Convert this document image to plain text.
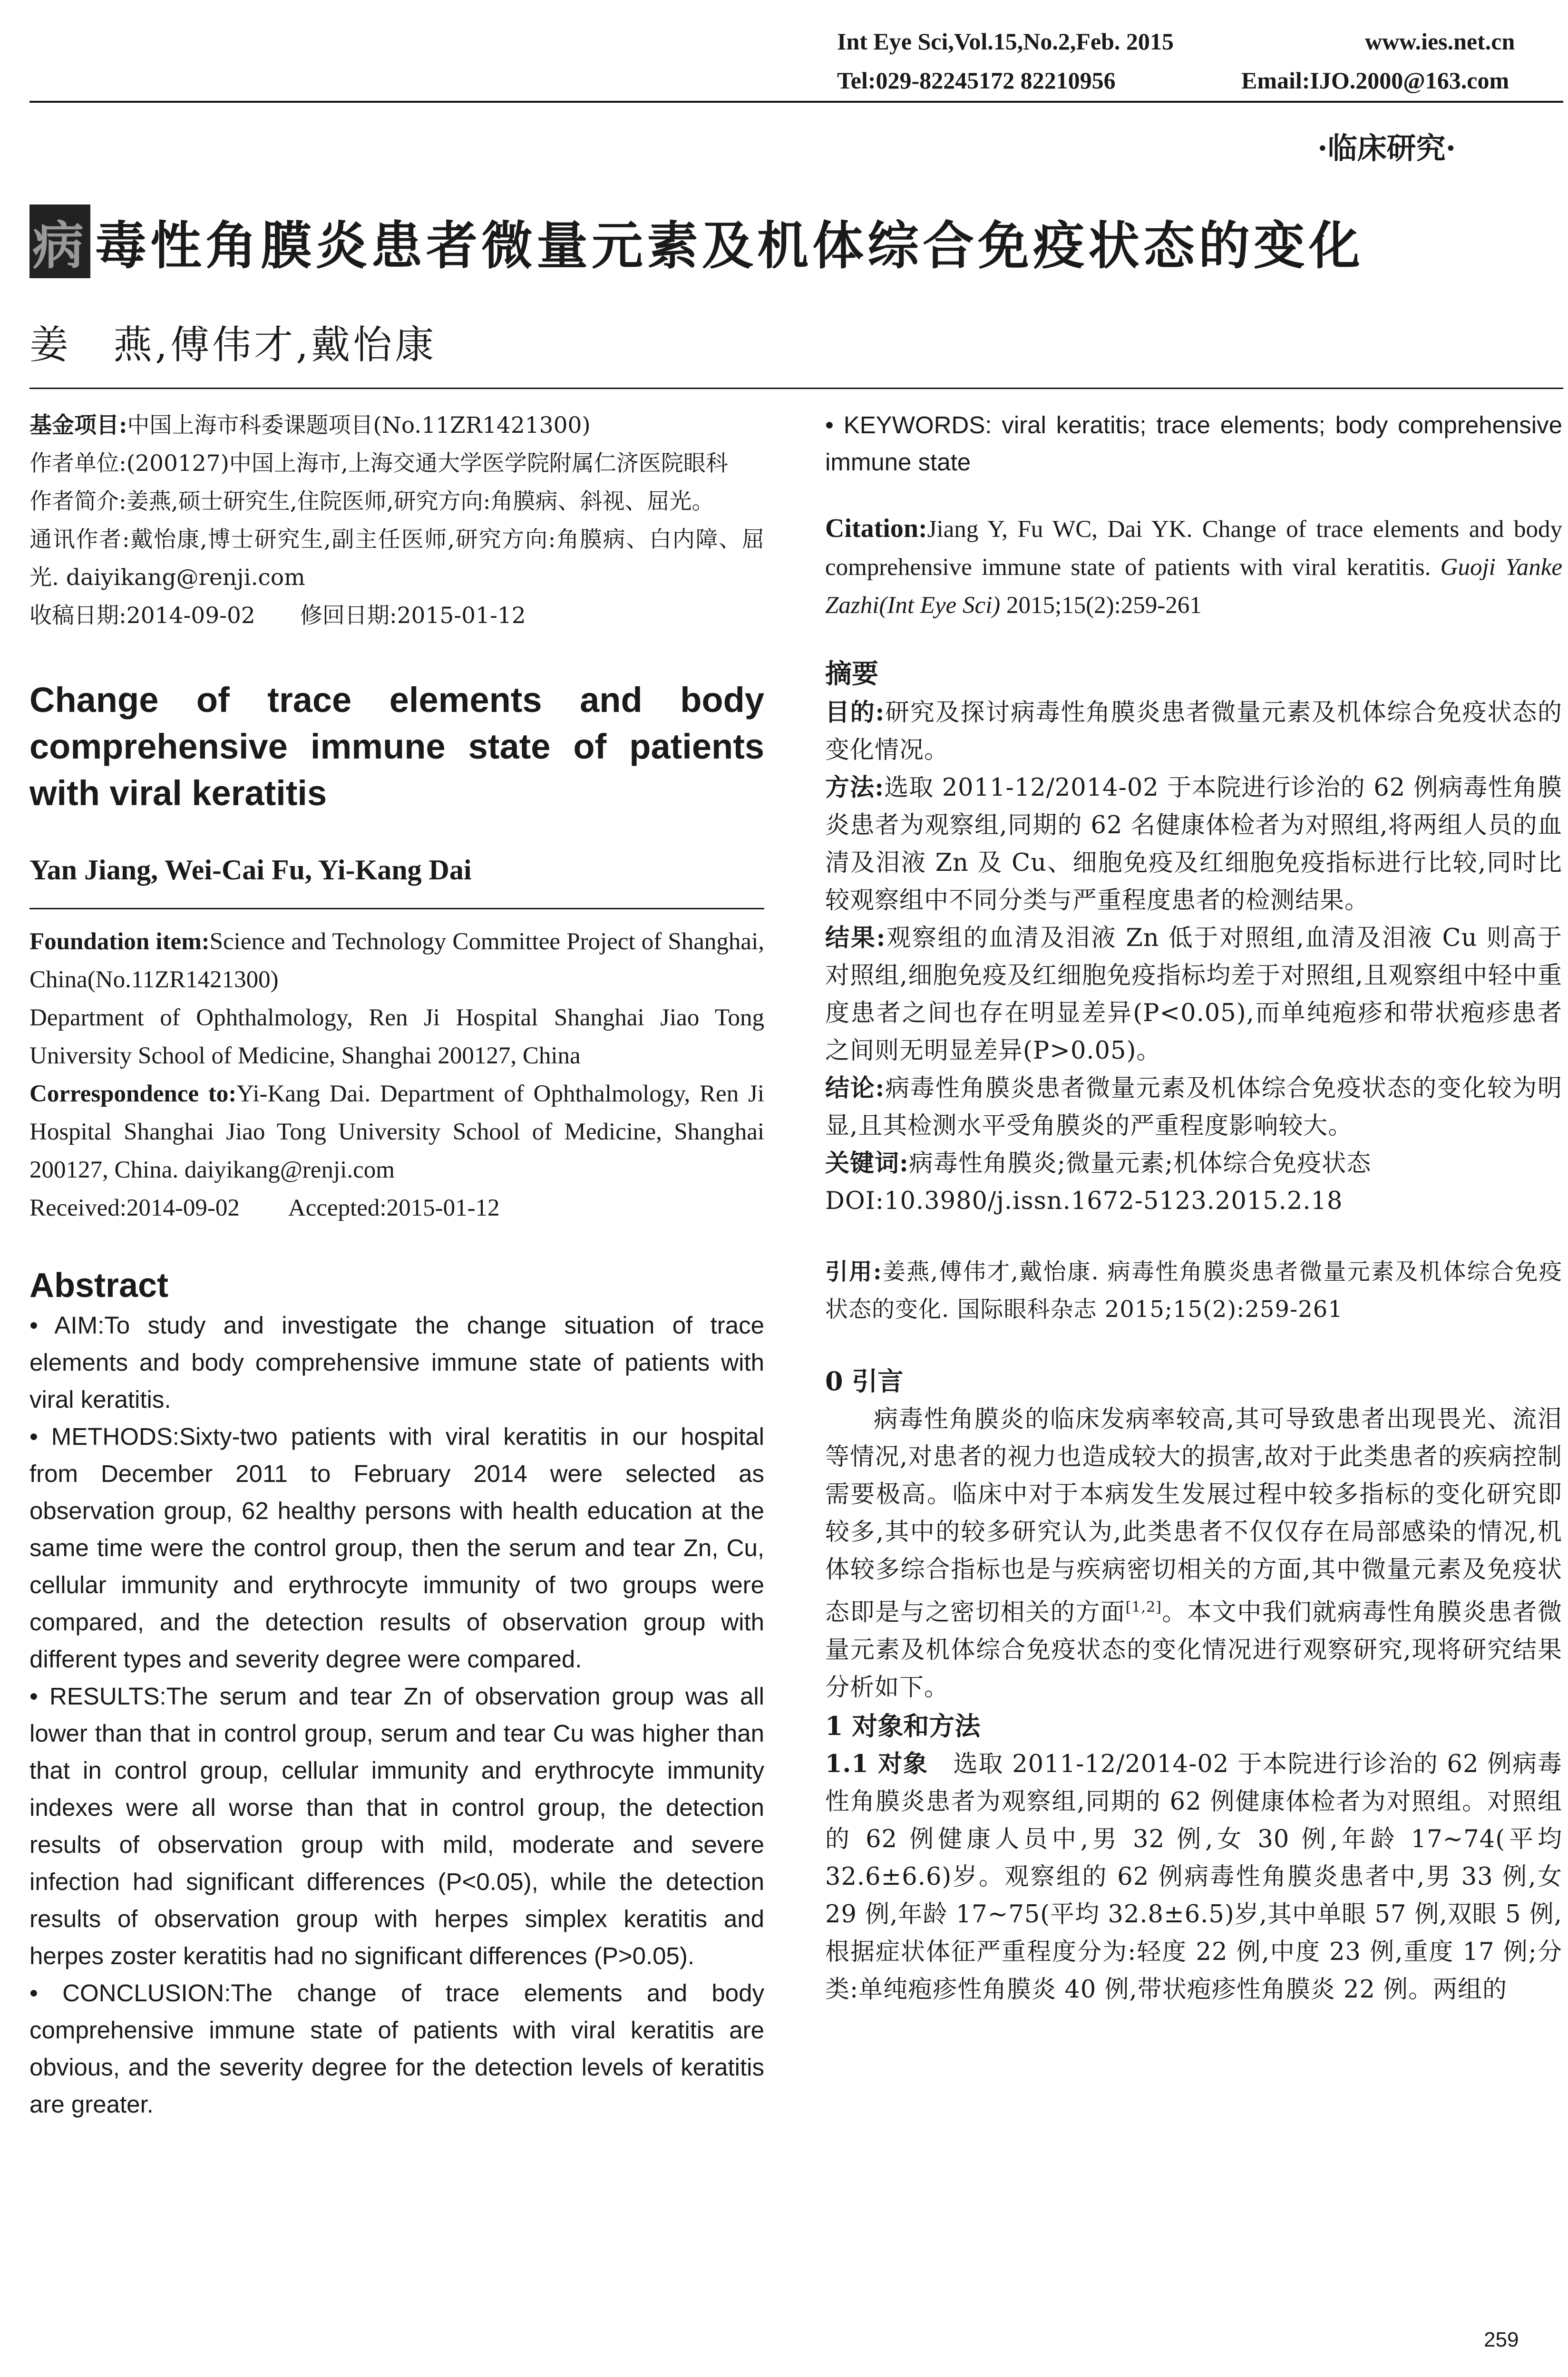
Int Eye Sci,Vol.15,No.2,Feb. 2015	www.ies.net.cn
Tel:029-82245172 82210956	Email:IJO.2000@163.com
·临床研究·
病 毒性角膜炎患者微量元素及机体综合免疫状态的变化
姜　燕,傅伟才,戴怡康
基金项目:中国上海市科委课题项目(No.11ZR1421300)
作者单位:(200127)中国上海市,上海交通大学医学院附属仁济医院眼科
作者简介:姜燕,硕士研究生,住院医师,研究方向:角膜病、斜视、屈光。
通讯作者:戴怡康,博士研究生,副主任医师,研究方向:角膜病、白内障、屈光. daiyikang@renji.com
收稿日期:2014-09-02　　修回日期:2015-01-12
Change of trace elements and body comprehensive immune state of patients with viral keratitis
Yan Jiang, Wei-Cai Fu, Yi-Kang Dai
Foundation item:Science and Technology Committee Project of Shanghai, China(No.11ZR1421300)
Department of Ophthalmology, Ren Ji Hospital Shanghai Jiao Tong University School of Medicine, Shanghai 200127, China
Correspondence to:Yi-Kang Dai. Department of Ophthalmology, Ren Ji Hospital Shanghai Jiao Tong University School of Medicine, Shanghai 200127, China. daiyikang@renji.com
Received:2014-09-02　　Accepted:2015-01-12
Abstract
• AIM:To study and investigate the change situation of trace elements and body comprehensive immune state of patients with viral keratitis.
• METHODS:Sixty-two patients with viral keratitis in our hospital from December 2011 to February 2014 were selected as observation group, 62 healthy persons with health education at the same time were the control group, then the serum and tear Zn, Cu, cellular immunity and erythrocyte immunity of two groups were compared, and the detection results of observation group with different types and severity degree were compared.
• RESULTS:The serum and tear Zn of observation group was all lower than that in control group, serum and tear Cu was higher than that in control group, cellular immunity and erythrocyte immunity indexes were all worse than that in control group, the detection results of observation group with mild, moderate and severe infection had significant differences (P<0.05), while the detection results of observation group with herpes simplex keratitis and herpes zoster keratitis had no significant differences (P>0.05).
• CONCLUSION:The change of trace elements and body comprehensive immune state of patients with viral keratitis are obvious, and the severity degree for the detection levels of keratitis are greater.
• KEYWORDS: viral keratitis; trace elements; body comprehensive immune state
Citation:Jiang Y, Fu WC, Dai YK. Change of trace elements and body comprehensive immune state of patients with viral keratitis. Guoji Yanke Zazhi(Int Eye Sci) 2015;15(2):259-261
摘要
目的:研究及探讨病毒性角膜炎患者微量元素及机体综合免疫状态的变化情况。
方法:选取 2011-12/2014-02 于本院进行诊治的 62 例病毒性角膜炎患者为观察组,同期的 62 名健康体检者为对照组,将两组人员的血清及泪液 Zn 及 Cu、细胞免疫及红细胞免疫指标进行比较,同时比较观察组中不同分类与严重程度患者的检测结果。
结果:观察组的血清及泪液 Zn 低于对照组,血清及泪液 Cu 则高于对照组,细胞免疫及红细胞免疫指标均差于对照组,且观察组中轻中重度患者之间也存在明显差异(P<0.05),而单纯疱疹和带状疱疹患者之间则无明显差异(P>0.05)。
结论:病毒性角膜炎患者微量元素及机体综合免疫状态的变化较为明显,且其检测水平受角膜炎的严重程度影响较大。
关键词:病毒性角膜炎;微量元素;机体综合免疫状态
DOI:10.3980/j.issn.1672-5123.2015.2.18
引用:姜燕,傅伟才,戴怡康. 病毒性角膜炎患者微量元素及机体综合免疫状态的变化. 国际眼科杂志 2015;15(2):259-261
0 引言
病毒性角膜炎的临床发病率较高,其可导致患者出现畏光、流泪等情况,对患者的视力也造成较大的损害,故对于此类患者的疾病控制需要极高。临床中对于本病发生发展过程中较多指标的变化研究即较多,其中的较多研究认为,此类患者不仅仅存在局部感染的情况,机体较多综合指标也是与疾病密切相关的方面,其中微量元素及免疫状态即是与之密切相关的方面[1,2]。本文中我们就病毒性角膜炎患者微量元素及机体综合免疫状态的变化情况进行观察研究,现将研究结果分析如下。
1 对象和方法
1.1 对象　 选取 2011-12/2014-02 于本院进行诊治的 62 例病毒性角膜炎患者为观察组,同期的 62 例健康体检者为对照组。对照组的 62 例健康人员中,男 32 例,女 30 例,年龄 17~74(平均 32.6±6.6)岁。观察组的 62 例病毒性角膜炎患者中,男 33 例,女 29 例,年龄 17~75(平均 32.8±6.5)岁,其中单眼 57 例,双眼 5 例,根据症状体征严重程度分为:轻度 22 例,中度 23 例,重度 17 例;分类:单纯疱疹性角膜炎 40 例,带状疱疹性角膜炎 22 例。两组的
259
